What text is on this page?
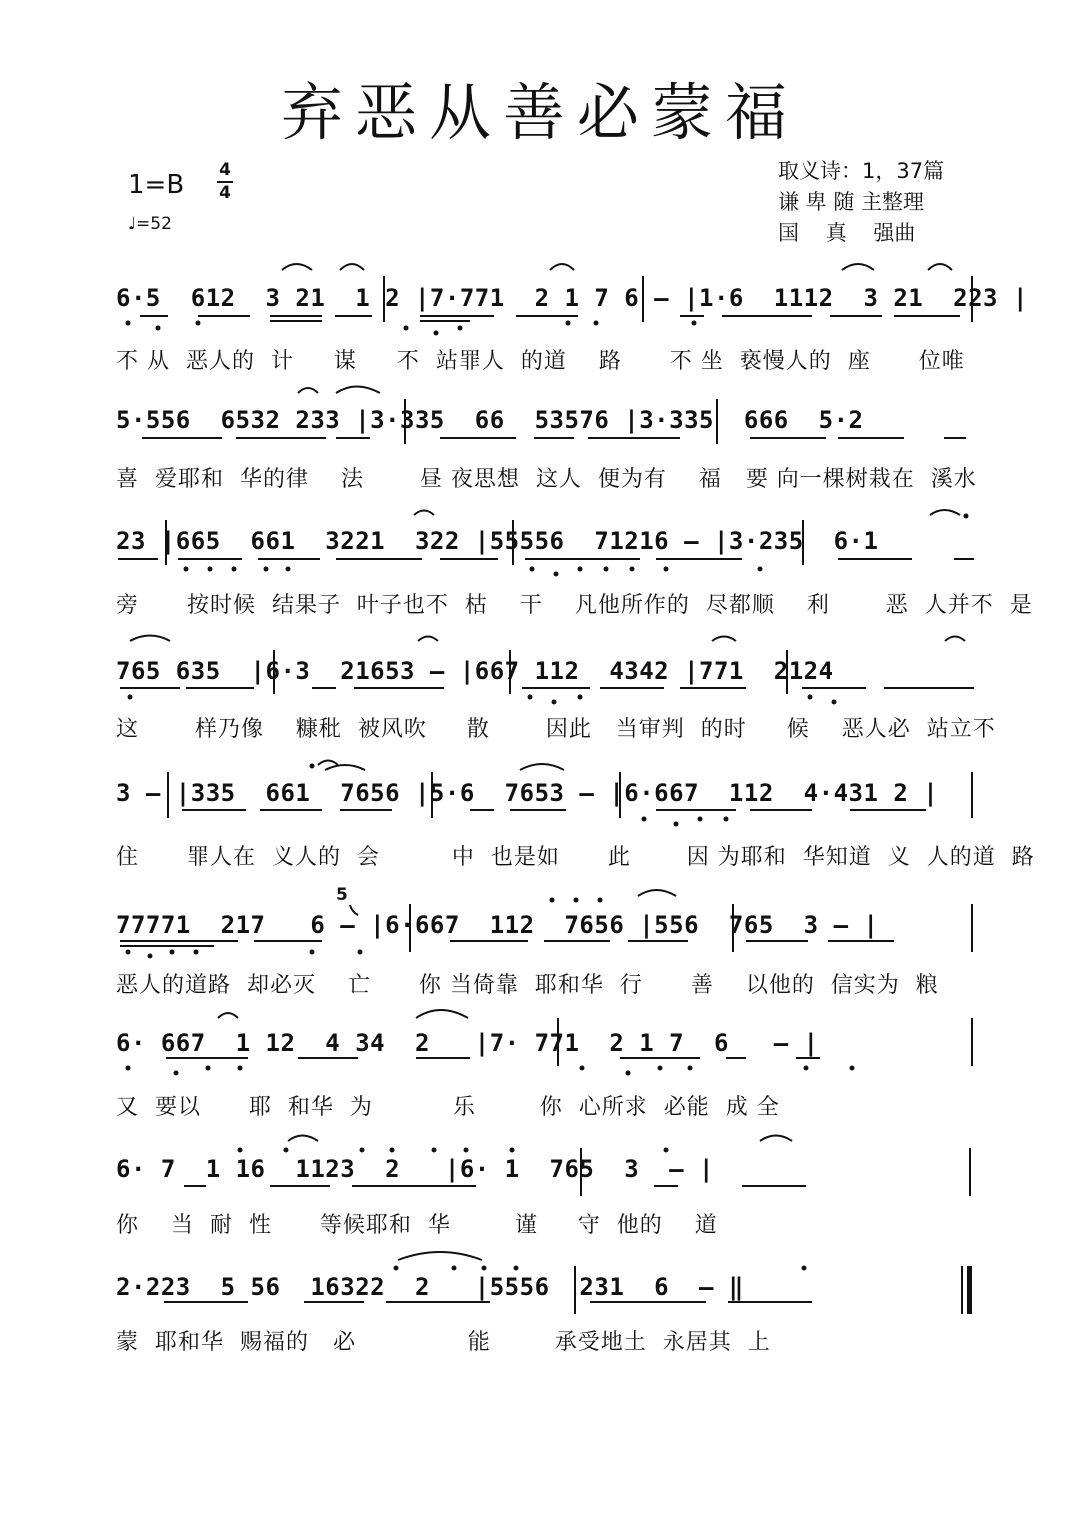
弃恶从善必蒙福
1=B 4
4
♩=52
取义诗：1，37篇
谦 卑 随 主整理
国    真    强曲
6·5  612  3 21  1 2 |7·771  2 1 7 6 – |1·6  1112  3 21  223 |
不 从  恶人的  计     谋     不  站罪人  的道    路      不 坐  亵慢人的  座      位唯
5·556  6532 233 |3·335  66  53576 |3·335  666  5·2
喜  爱耶和  华的律    法       昼 夜思想  这人  便为有    福   要 向一棵树栽在  溪水
23 |665  661  3221  322 |55556  71216 – |3·235  6·1
旁      按时候  结果子  叶子也不  枯    干    凡他所作的  尽都顺    利       恶  人并不  是
765 635  |6·3  21653 – |667 112  4342 |771  2124
这       样乃像    糠秕  被风吹     散       因此   当审判  的时     候    恶人必  站立不
3 – |335  661  7656 |5·6  7653 – |6·667  112  4·431 2 |
住      罪人在  义人的  会         中  也是如      此       因 为耶和  华知道  义  人的道  路
77771  217   6 – |6·667  112  7656 |556  765  3 – |
恶人的道路  却必灭    亡      你 当倚靠  耶和华  行      善    以他的  信实为  粮
6· 667  1 12  4 34  2   |7· 771  2 1 7  6   – |
又  要以      耶  和华  为          乐        你  心所求  必能  成 全
6· 7  1 16  1123  2   |6· 1  765  3  – |
你    当  耐  性      等候耶和  华        谨     守  他的    道
2·223  5 56  16322  2   |5556  231  6  – ‖
蒙  耶和华  赐福的   必              能        承受地土  永居其  上
5
